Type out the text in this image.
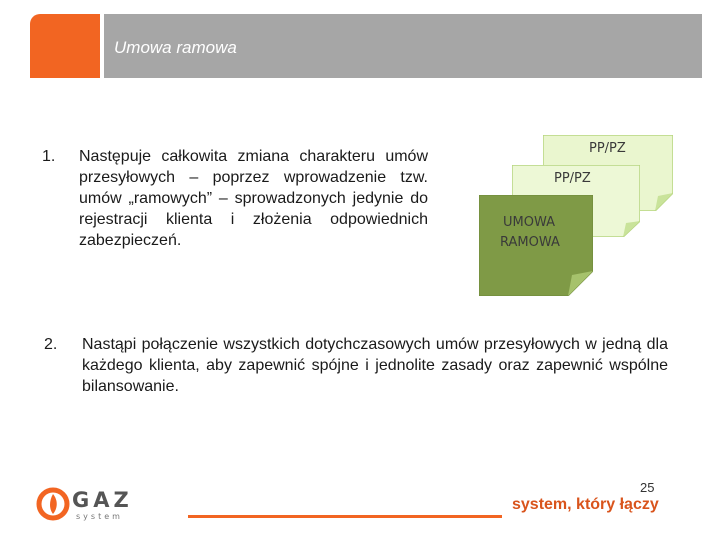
Umowa ramowa
1. Następuje całkowita zmiana charakteru umów przesyłowych – poprzez wprowadzenie tzw. umów „ramowych” – sprowadzonych jedynie do rejestracji klienta i złożenia odpowiednich zabezpieczeń.
PP/PZ
PP/PZ
UMOWA
RAMOWA
2. Nastąpi połączenie wszystkich dotychczasowych umów przesyłowych w jedną dla każdego klienta, aby zapewnić spójne i jednolite zasady oraz zapewnić wspólne bilansowanie.
GAZ
system
25
system, który łączy
